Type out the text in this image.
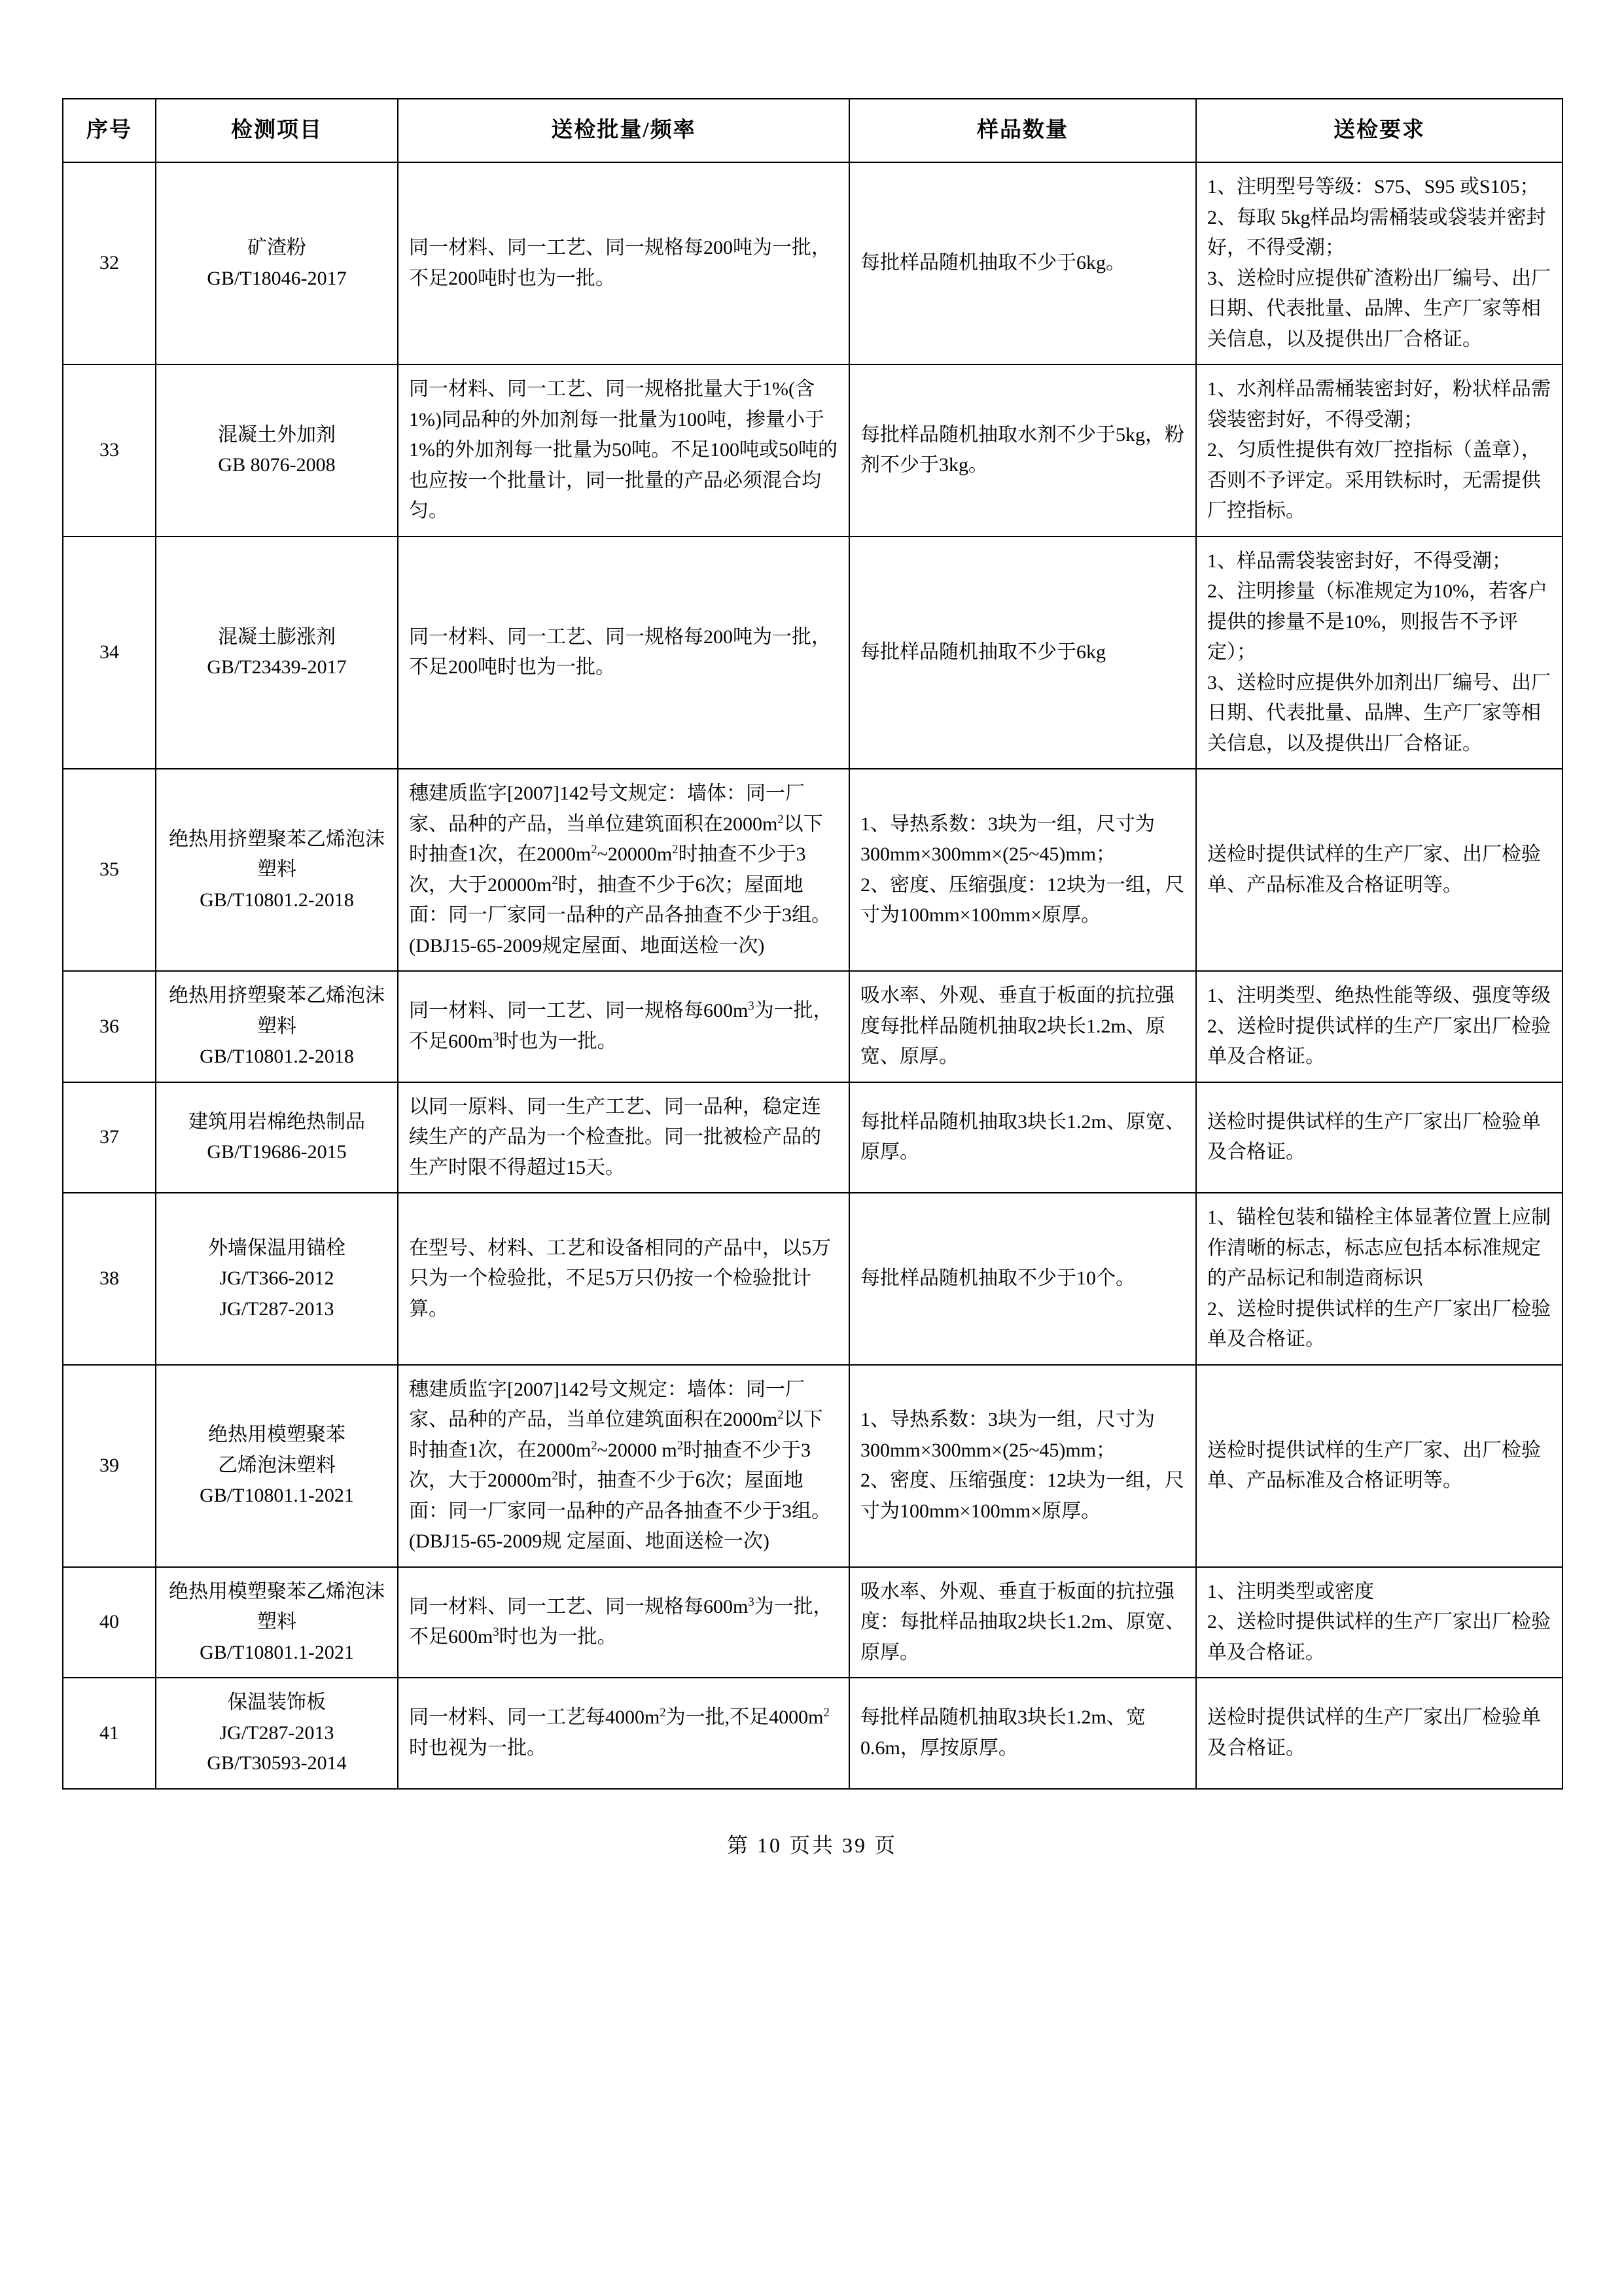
序号	检测项目	送检批量/频率	样品数量	送检要求

32	矿渣粉
GB/T18046-2017	同一材料、同一工艺、同一规格每200吨为一批，不足200吨时也为一批。	每批样品随机抽取不少于6kg。	1、注明型号等级：S75、S95 或S105；
2、每取 5kg样品均需桶装或袋装并密封好，不得受潮；
3、送检时应提供矿渣粉出厂编号、出厂日期、代表批量、品牌、生产厂家等相关信息，以及提供出厂合格证。

33	混凝土外加剂
GB 8076-2008	同一材料、同一工艺、同一规格批量大于1%(含1%)同品种的外加剂每一批量为100吨，掺量小于1%的外加剂每一批量为50吨。不足100吨或50吨的也应按一个批量计，同一批量的产品必须混合均匀。	每批样品随机抽取水剂不少于5kg，粉剂不少于3kg。	1、水剂样品需桶装密封好，粉状样品需袋装密封好，不得受潮；
2、匀质性提供有效厂控指标（盖章），否则不予评定。采用铁标时，无需提供厂控指标。

34	混凝土膨涨剂
GB/T23439-2017	同一材料、同一工艺、同一规格每200吨为一批，不足200吨时也为一批。	每批样品随机抽取不少于6kg	1、样品需袋装密封好，不得受潮；
2、注明掺量（标准规定为10%，若客户提供的掺量不是10%，则报告不予评定）；
3、送检时应提供外加剂出厂编号、出厂日期、代表批量、品牌、生产厂家等相关信息，以及提供出厂合格证。

35	绝热用挤塑聚苯乙烯泡沫塑料
GB/T10801.2-2018	穗建质监字[2007]142号文规定：墙体：同一厂家、品种的产品，当单位建筑面积在$2000m^2$以下时抽查1次，在$2000m^2\sim 20000m^2$时抽查不少于3次，大于$20000m^2$时，抽查不少于6次；屋面地面：同一厂家同一品种的产品各抽查不少于3组。(DBJ15-65-2009规定屋面、地面送检一次)	1、导热系数：3块为一组，尺寸为300mm×300mm×(25~45)mm；
2、密度、压缩强度：12块为一组，尺寸为100mm×100mm×原厚。	送检时提供试样的生产厂家、出厂检验单、产品标准及合格证明等。

36	绝热用挤塑聚苯乙烯泡沫塑料
GB/T10801.2-2018	同一材料、同一工艺、同一规格每$600m^3$为一批，不足$600m^3$时也为一批。	吸水率、外观、垂直于板面的抗拉强度每批样品随机抽取2块长1.2m、原宽、原厚。	1、注明类型、绝热性能等级、强度等级
2、送检时提供试样的生产厂家出厂检验单及合格证。

37	建筑用岩棉绝热制品
GB/T19686-2015	以同一原料、同一生产工艺、同一品种，稳定连续生产的产品为一个检查批。同一批被检产品的生产时限不得超过15天。	每批样品随机抽取3块长1.2m、原宽、原厚。	送检时提供试样的生产厂家出厂检验单及合格证。

38	外墙保温用锚栓
JG/T366-2012
JG/T287-2013	在型号、材料、工艺和设备相同的产品中，以5万只为一个检验批，不足5万只仍按一个检验批计算。	每批样品随机抽取不少于10个。	1、锚栓包装和锚栓主体显著位置上应制作清晰的标志，标志应包括本标准规定的产品标记和制造商标识
2、送检时提供试样的生产厂家出厂检验单及合格证。

39	绝热用模塑聚苯
乙烯泡沫塑料
GB/T10801.1-2021	穗建质监字[2007]142号文规定：墙体：同一厂家、品种的产品，当单位建筑面积在$2000m^2$以下时抽查1次，在$2000m^2\sim 20000$ $m^2$时抽查不少于3次，大于$20000m^2$时，抽查不少于6次；屋面地面：同一厂家同一品种的产品各抽查不少于3组。(DBJ15-65-2009规 定屋面、地面送检一次)	1、导热系数：3块为一组，尺寸为300mm×300mm×(25~45)mm；
2、密度、压缩强度：12块为一组，尺寸为100mm×100mm×原厚。	送检时提供试样的生产厂家、出厂检验单、产品标准及合格证明等。

40	绝热用模塑聚苯乙烯泡沫塑料
GB/T10801.1-2021	同一材料、同一工艺、同一规格每$600m^3$为一批，不足$600m^3$时也为一批。	吸水率、外观、垂直于板面的抗拉强度：每批样品抽取2块长1.2m、原宽、原厚。	1、注明类型或密度
2、送检时提供试样的生产厂家出厂检验单及合格证。

41	保温装饰板
JG/T287-2013
GB/T30593-2014	同一材料、同一工艺每$4000m^2$为一批,不足$4000m^2$时也视为一批。	每批样品随机抽取3块长1.2m、宽0.6m，厚按原厚。	送检时提供试样的生产厂家出厂检验单及合格证。
第 10 页共 39 页
